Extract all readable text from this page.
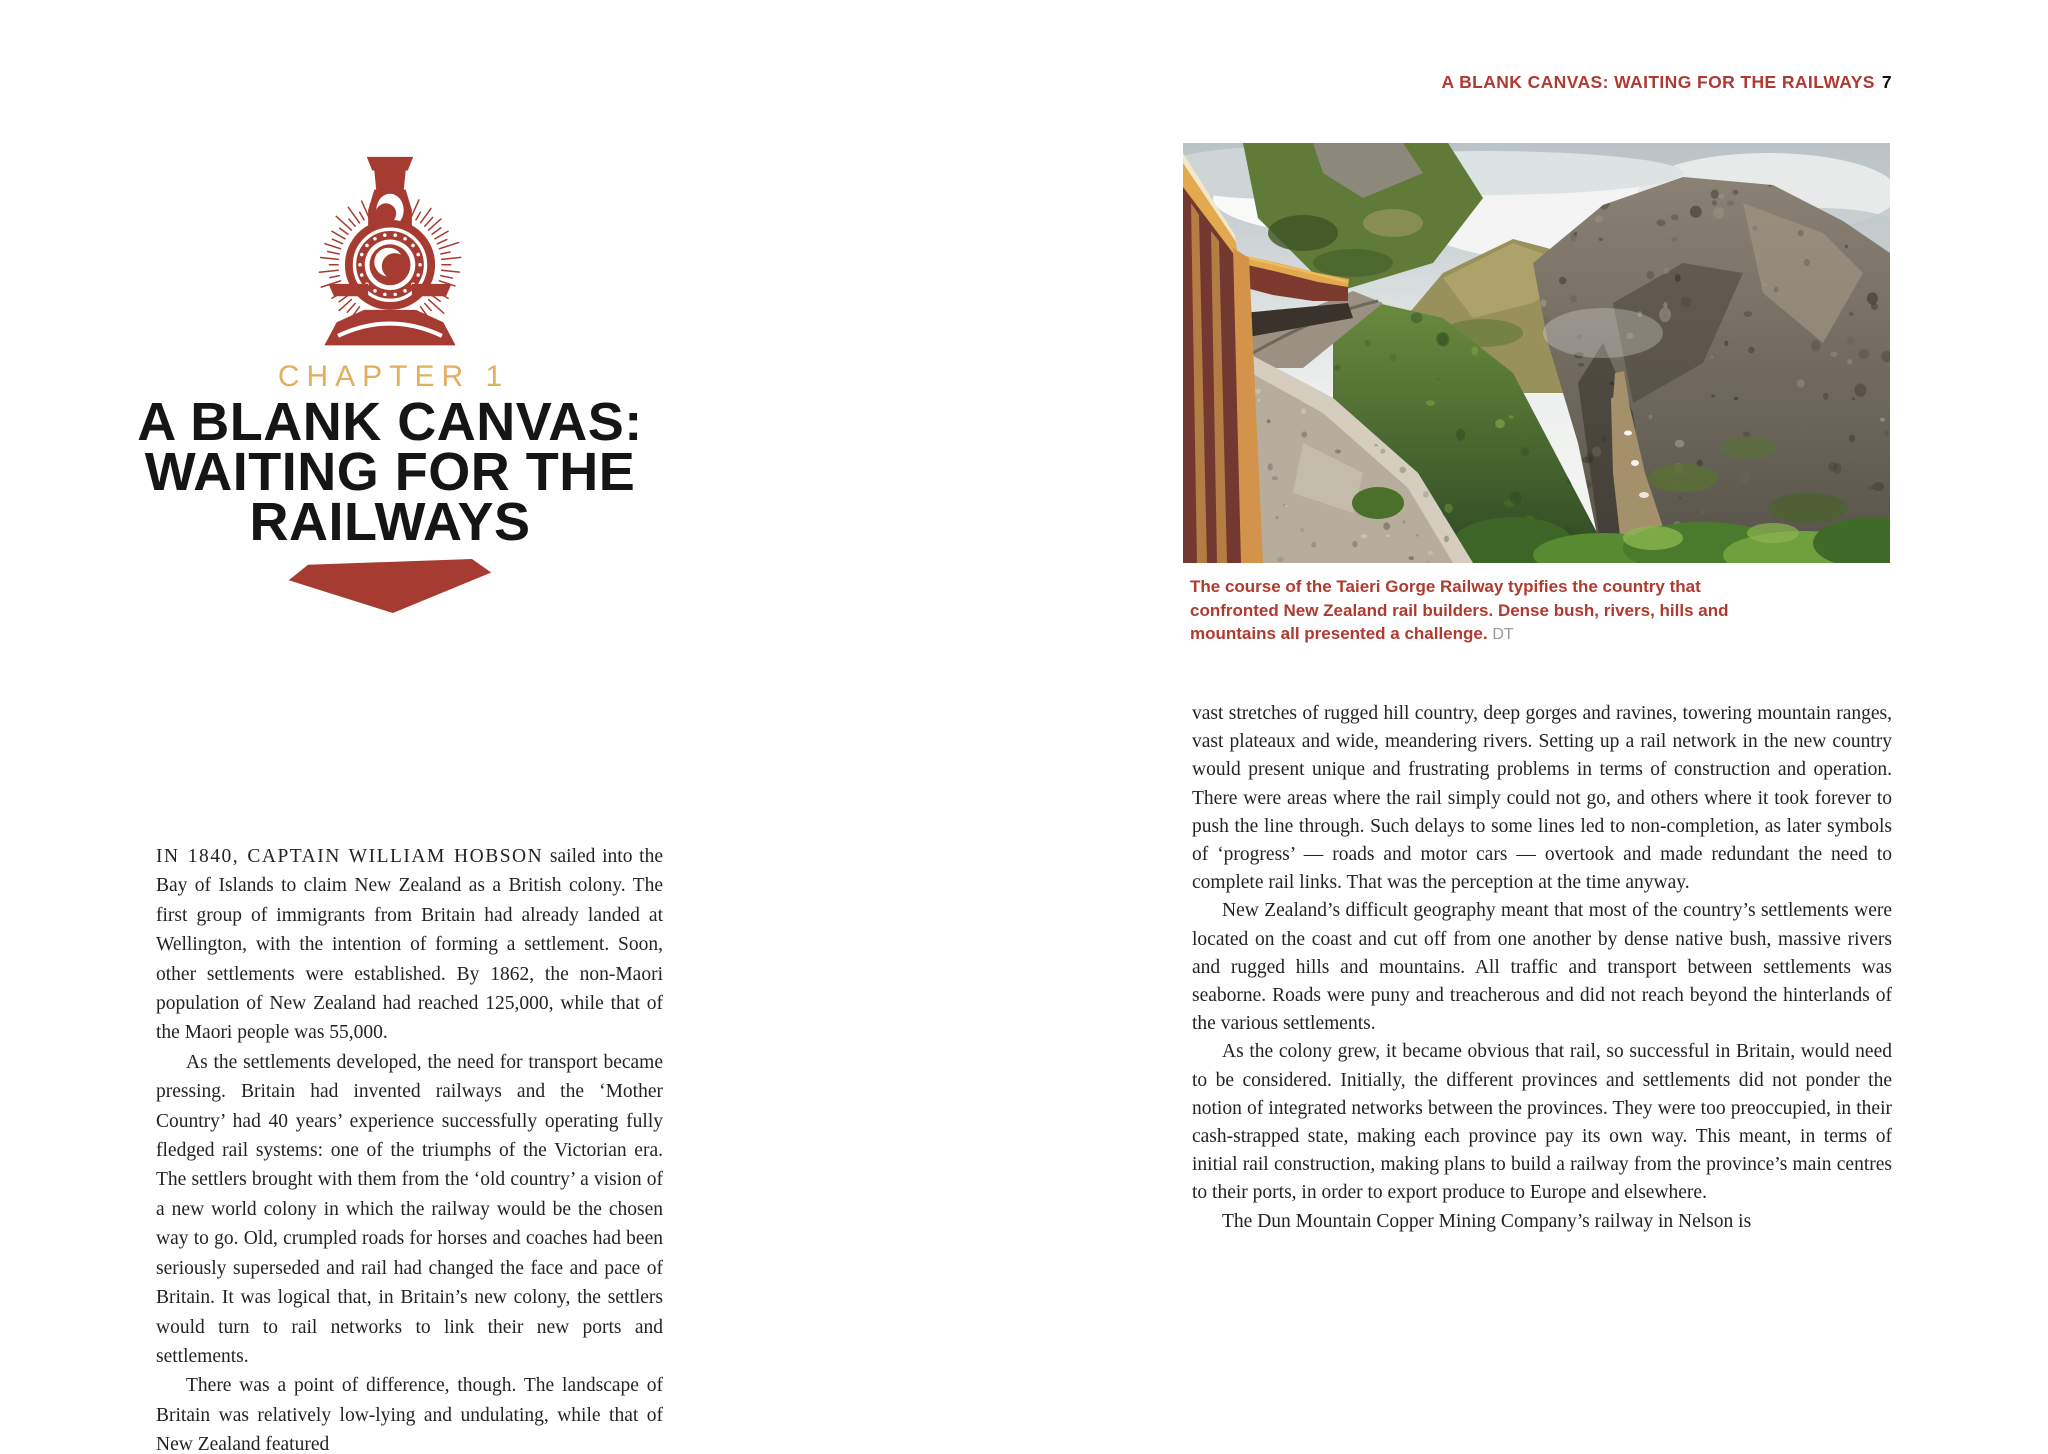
CHAPTER 1
A BLANK CANVAS:
WAITING FOR THE
RAILWAYS

IN 1840, CAPTAIN WILLIAM HOBSON sailed into the Bay of Islands to claim New Zealand as a British colony. The first group of immigrants from Britain had already landed at Wellington, with the intention of forming a settlement. Soon, other settlements were established. By 1862, the non-Maori population of New Zealand had reached 125,000, while that of the Maori people was 55,000.

As the settlements developed, the need for transport became pressing. Britain had invented railways and the ‘Mother Country’ had 40 years’ experience successfully operating fully fledged rail systems: one of the triumphs of the Victorian era. The settlers brought with them from the ‘old country’ a vision of a new world colony in which the railway would be the chosen way to go. Old, crumpled roads for horses and coaches had been seriously superseded and rail had changed the face and pace of Britain. It was logical that, in Britain’s new colony, the settlers would turn to rail networks to link their new ports and settlements.

There was a point of difference, though. The landscape of Britain was relatively low-lying and undulating, while that of New Zealand featured

A BLANK CANVAS: WAITING FOR THE RAILWAYS 7

The course of the Taieri Gorge Railway typifies the country that confronted New Zealand rail builders. Dense bush, rivers, hills and mountains all presented a challenge. DT

vast stretches of rugged hill country, deep gorges and ravines, towering mountain ranges, vast plateaux and wide, meandering rivers. Setting up a rail network in the new country would present unique and frustrating problems in terms of construction and operation. There were areas where the rail simply could not go, and others where it took forever to push the line through. Such delays to some lines led to non-completion, as later symbols of ‘progress’ — roads and motor cars — overtook and made redundant the need to complete rail links. That was the perception at the time anyway.

New Zealand’s difficult geography meant that most of the country’s settlements were located on the coast and cut off from one another by dense native bush, massive rivers and rugged hills and mountains. All traffic and transport between settlements was seaborne. Roads were puny and treacherous and did not reach beyond the hinterlands of the various settlements.

As the colony grew, it became obvious that rail, so successful in Britain, would need to be considered. Initially, the different provinces and settlements did not ponder the notion of integrated networks between the provinces. They were too preoccupied, in their cash-strapped state, making each province pay its own way. This meant, in terms of initial rail construction, making plans to build a railway from the province’s main centres to their ports, in order to export produce to Europe and elsewhere.

The Dun Mountain Copper Mining Company’s railway in Nelson is
